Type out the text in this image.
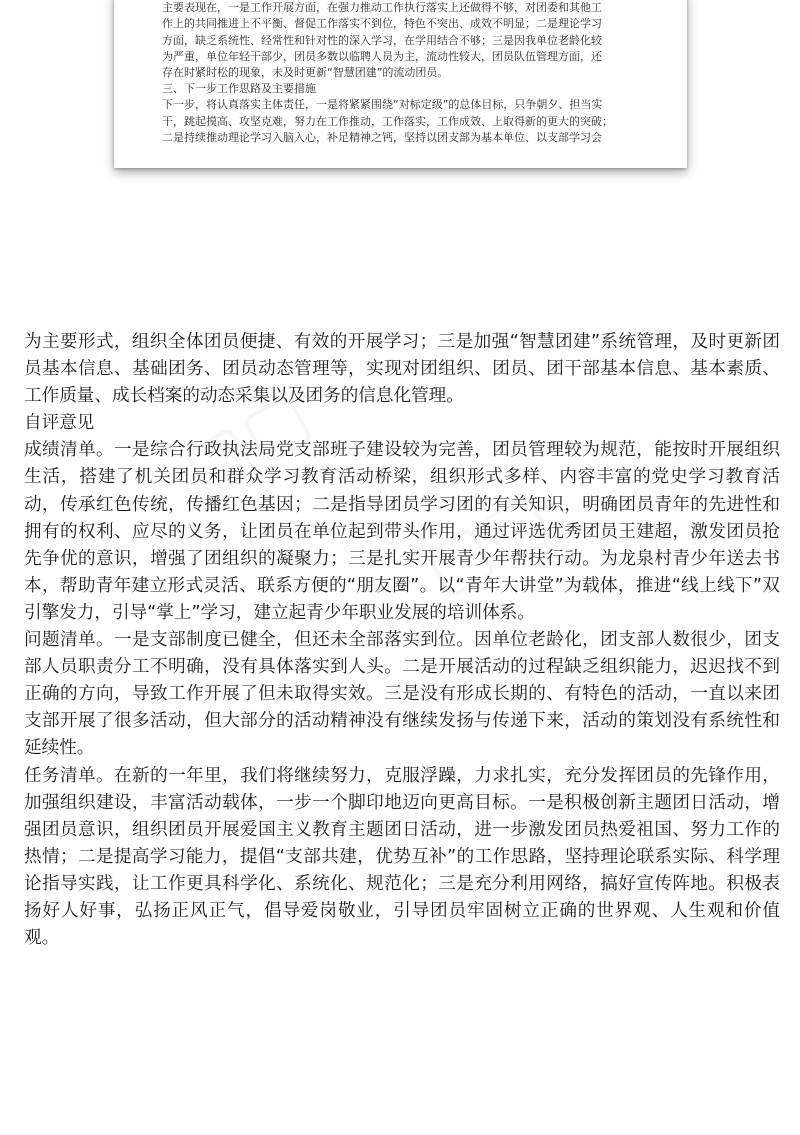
主要表现在，一是工作开展方面，在强力推动工作执行落实上还做得不够，对团委和其他工

作上的共同推进上不平衡、督促工作落实不到位，特色不突出、成效不明显；二是理论学习

方面，缺乏系统性、经常性和针对性的深入学习，在学用结合不够；三是因我单位老龄化较

为严重，单位年轻干部少，团员多数以临聘人员为主，流动性较大，团员队伍管理方面，还

存在时紧时松的现象，未及时更新“智慧团建”的流动团员。

三、下一步工作思路及主要措施

下一步，将认真落实主体责任，一是将紧紧围绕“对标定级”的总体目标，只争朝夕、担当实

干，跳起摸高、攻坚克难，努力在工作推动，工作落实，工作成效、上取得新的更大的突破；

二是持续推动理论学习入脑入心，补足精神之钙，坚持以团支部为基本单位、以支部学习会

为主要形式，组织全体团员便捷、有效的开展学习；三是加强“智慧团建”系统管理，及时更新团员基本信息、基础团务、团员动态管理等，实现对团组织、团员、团干部基本信息、基本素质、工作质量、成长档案的动态采集以及团务的信息化管理。

自评意见

成绩清单。一是综合行政执法局党支部班子建设较为完善，团员管理较为规范，能按时开展组织生活，搭建了机关团员和群众学习教育活动桥梁，组织形式多样、内容丰富的党史学习教育活动，传承红色传统，传播红色基因；二是指导团员学习团的有关知识，明确团员青年的先进性和拥有的权利、应尽的义务，让团员在单位起到带头作用，通过评选优秀团员王建超，激发团员抢先争优的意识，增强了团组织的凝聚力；三是扎实开展青少年帮扶行动。为龙泉村青少年送去书本，帮助青年建立形式灵活、联系方便的“朋友圈”。以“青年大讲堂”为载体，推进“线上线下”双引擎发力，引导“掌上”学习，建立起青少年职业发展的培训体系。

问题清单。一是支部制度已健全，但还未全部落实到位。因单位老龄化，团支部人数很少，团支部人员职责分工不明确，没有具体落实到人头。二是开展活动的过程缺乏组织能力，迟迟找不到正确的方向，导致工作开展了但未取得实效。三是没有形成长期的、有特色的活动，一直以来团支部开展了很多活动，但大部分的活动精神没有继续发扬与传递下来，活动的策划没有系统性和延续性。

任务清单。在新的一年里，我们将继续努力，克服浮躁，力求扎实，充分发挥团员的先锋作用，加强组织建设，丰富活动载体，一步一个脚印地迈向更高目标。一是积极创新主题团日活动，增强团员意识，组织团员开展爱国主义教育主题团日活动，进一步激发团员热爱祖国、努力工作的热情；二是提高学习能力，提倡“支部共建，优势互补”的工作思路，坚持理论联系实际、科学理论指导实践，让工作更具科学化、系统化、规范化；三是充分利用网络，搞好宣传阵地。积极表扬好人好事，弘扬正风正气，倡导爱岗敬业，引导团员牢固树立正确的世界观、人生观和价值观。
